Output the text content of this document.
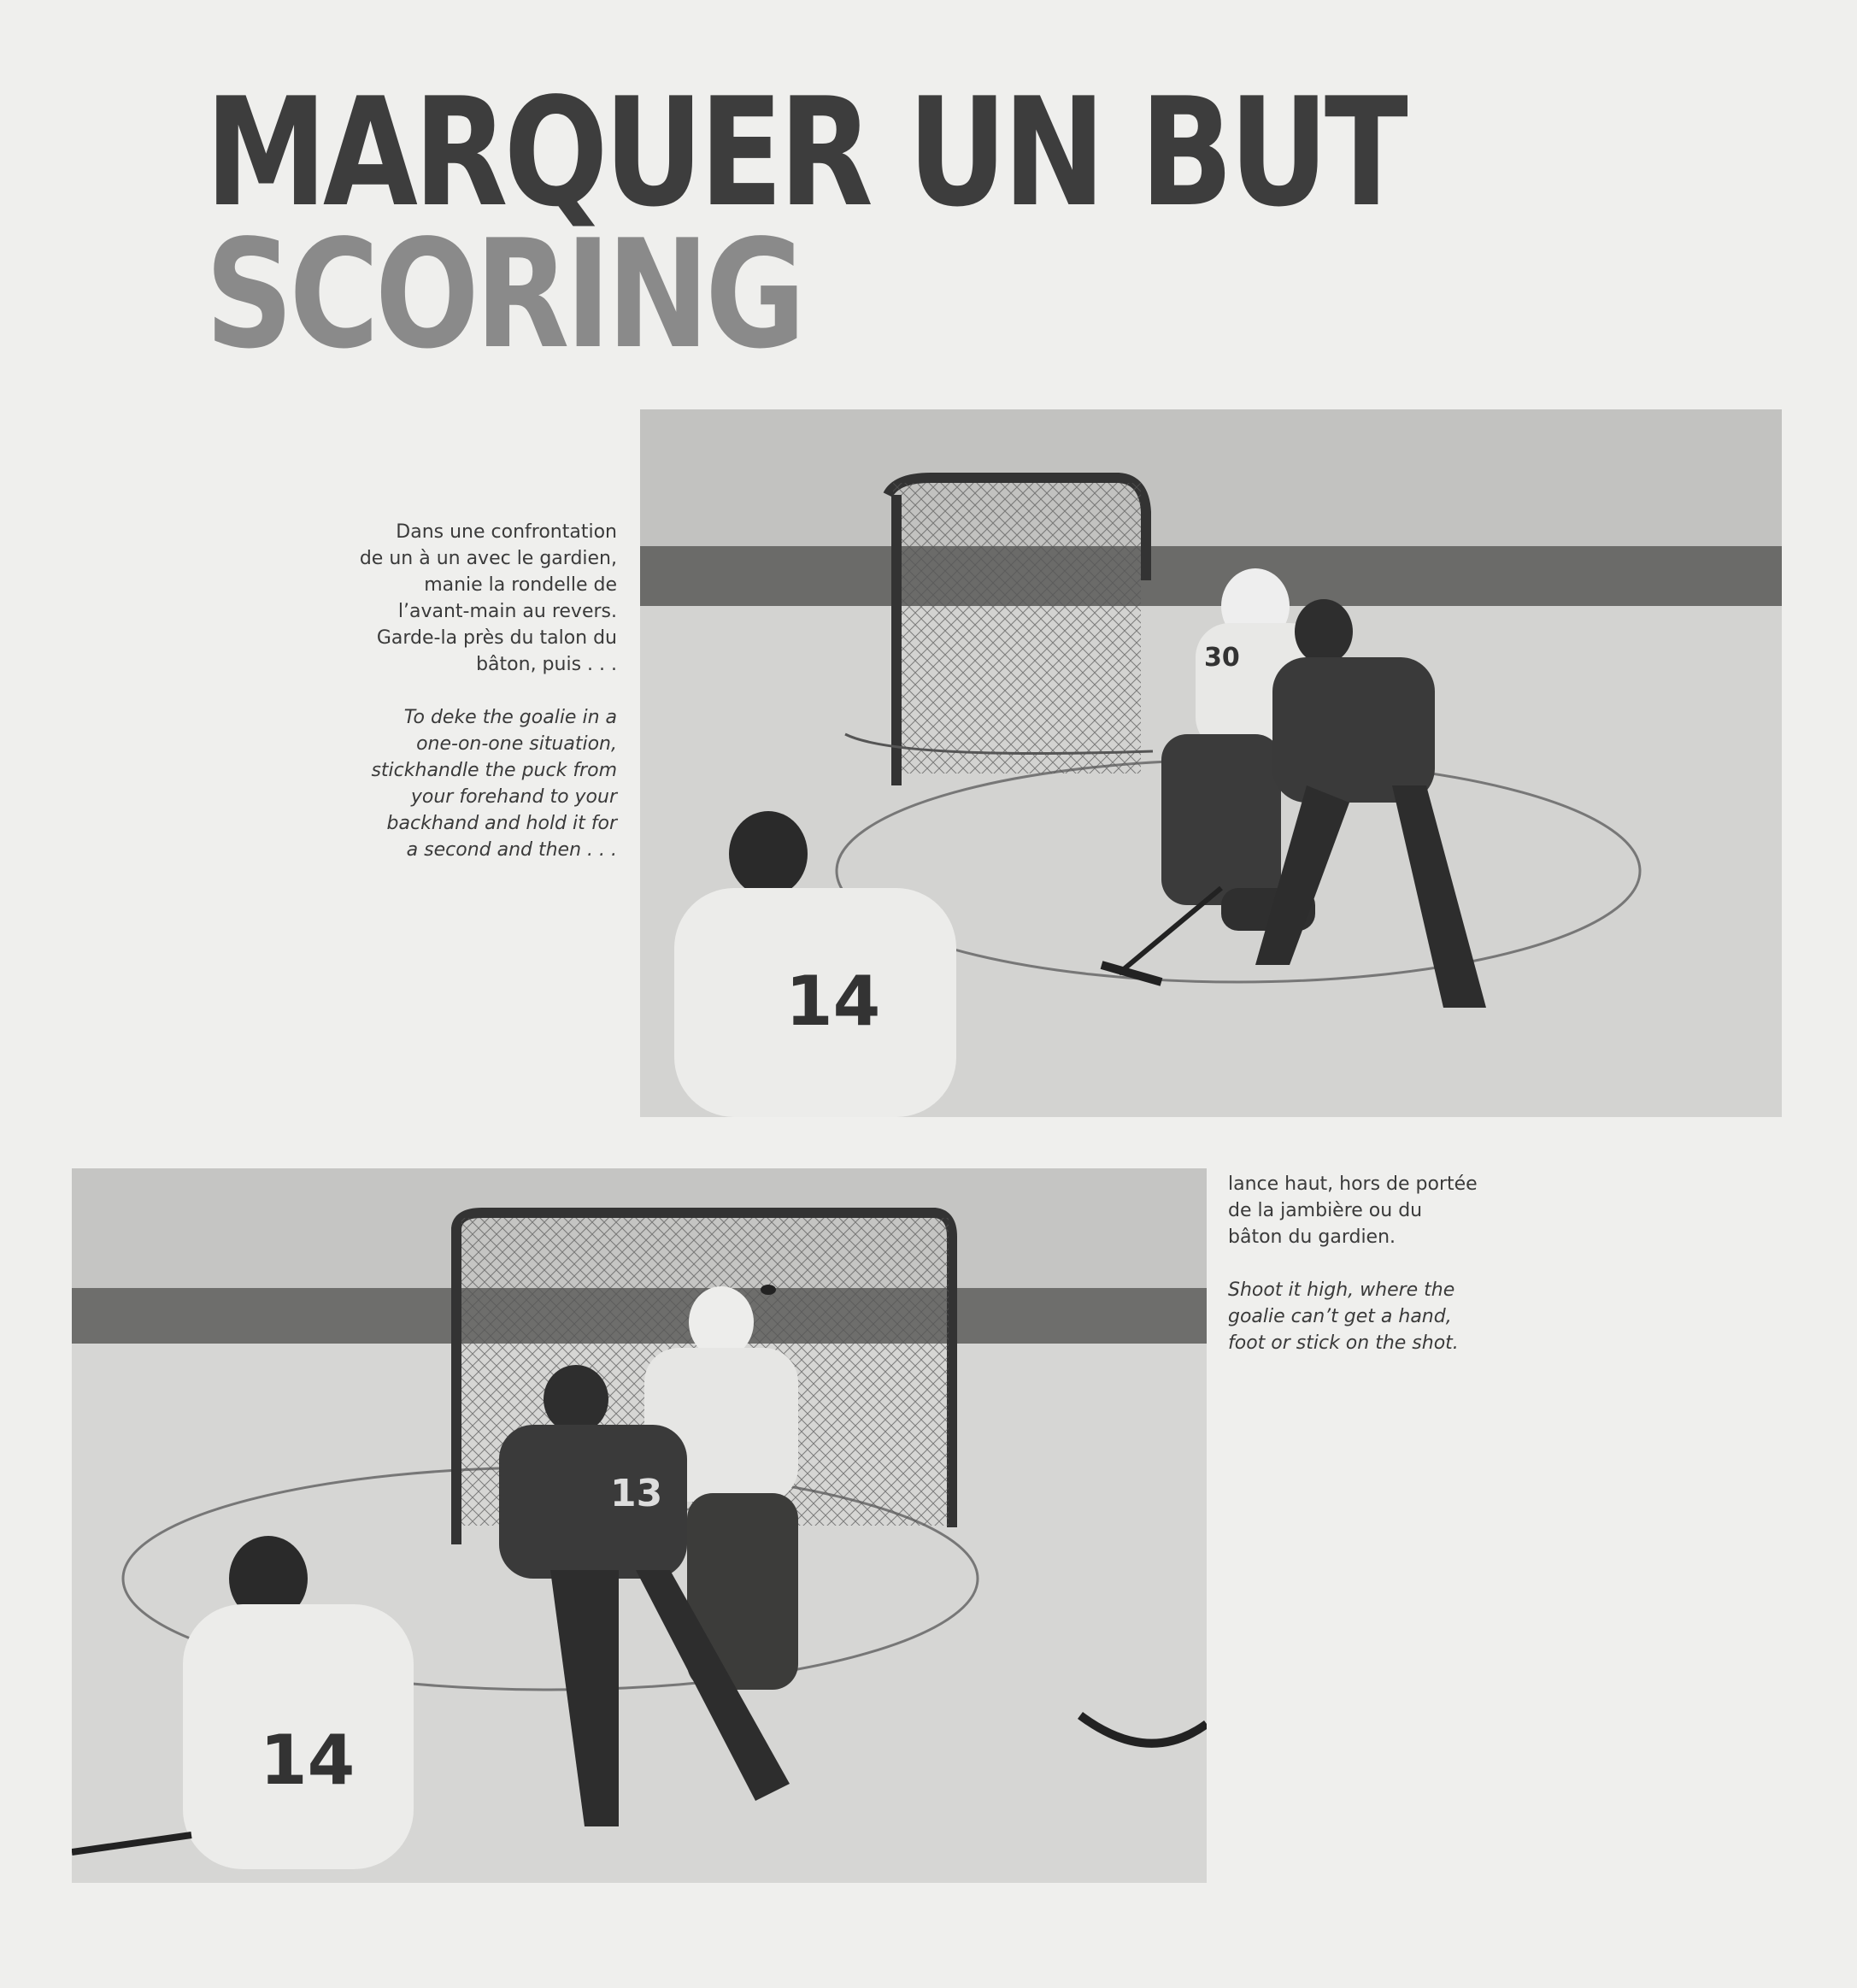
MARQUER UN BUT
SCORING

Dans une confrontation
de un à un avec le gardien,
manie la rondelle de
l’avant-main au revers.
Garde-la près du talon du
bâton, puis . . .

To deke the goalie in a
one-on-one situation,
stickhandle the puck from
your forehand to your
backhand and hold it for
a second and then . . .

30
14
13
14

lance haut, hors de portée
de la jambière ou du
bâton du gardien.

Shoot it high, where the
goalie can’t get a hand,
foot or stick on the shot.
